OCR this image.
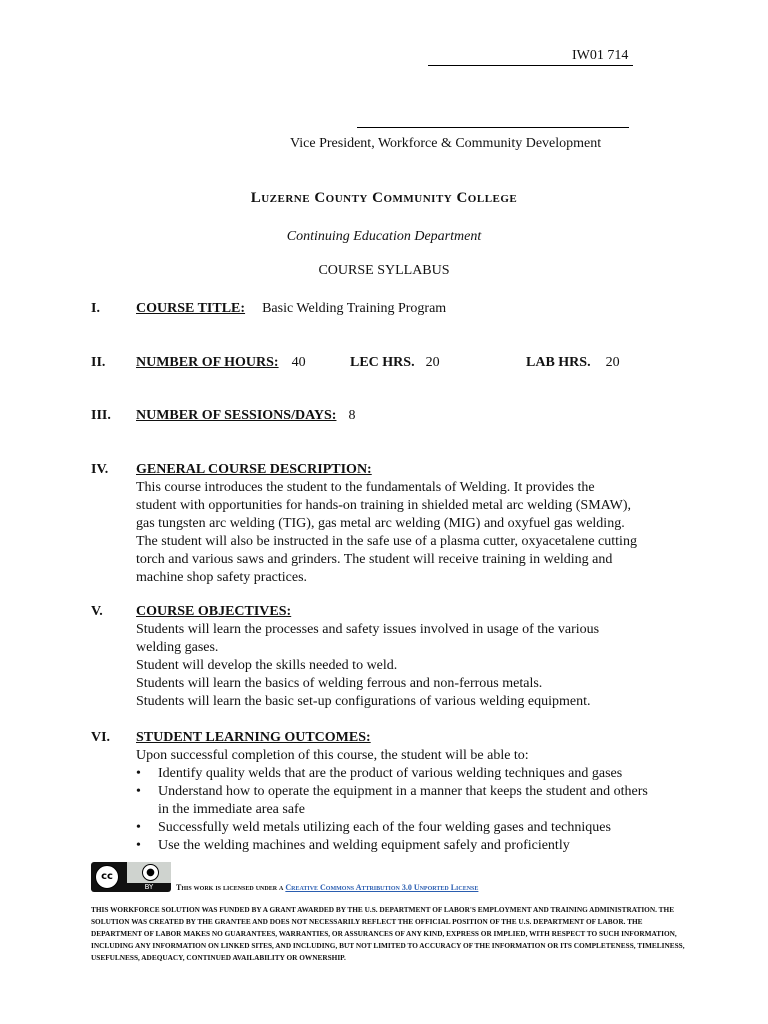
IW01 714
Vice President, Workforce & Community Development
Luzerne County Community College
Continuing Education Department
COURSE SYLLABUS
I.	COURSE TITLE: Basic Welding Training Program
II. NUMBER OF HOURS: 40	LEC HRS. 20	LAB HRS. 20
III. NUMBER OF SESSIONS/DAYS: 8
IV. GENERAL COURSE DESCRIPTION:

This course introduces the student to the fundamentals of Welding. It provides the

student with opportunities for hands-on training in shielded metal arc welding (SMAW),

gas tungsten arc welding (TIG), gas metal arc welding (MIG) and oxyfuel gas welding.

The student will also be instructed in the safe use of a plasma cutter, oxyacetalene cutting

torch and various saws and grinders. The student will receive training in welding and

machine shop safety practices.

V. COURSE OBJECTIVES:

Students will learn the processes and safety issues involved in usage of the various

welding gases.

Student will develop the skills needed to weld.

Students will learn the basics of welding ferrous and non-ferrous metals.

Students will learn the basic set-up configurations of various welding equipment.

VI. STUDENT LEARNING OUTCOMES:

Upon successful completion of this course, the student will be able to:

• Identify quality welds that are the product of various welding techniques and gases
• Understand how to operate the equipment in a manner that keeps the student and others in the immediate area safe
• Successfully weld metals utilizing each of the four welding gases and techniques
• Use the welding machines and welding equipment safely and proficiently
cc	●
BY	This work is licensed under a Creative Commons Attribution 3.0 Unported License
THIS WORKFORCE SOLUTION WAS FUNDED BY A GRANT AWARDED BY THE U.S. DEPARTMENT OF LABOR'S EMPLOYMENT AND TRAINING ADMINISTRATION. THE SOLUTION WAS CREATED BY THE GRANTEE AND DOES NOT NECESSARILY REFLECT THE OFFICIAL POSITION OF THE U.S. DEPARTMENT OF LABOR. THE DEPARTMENT OF LABOR MAKES NO GUARANTEES, WARRANTIES, OR ASSURANCES OF ANY KIND, EXPRESS OR IMPLIED, WITH RESPECT TO SUCH INFORMATION, INCLUDING ANY INFORMATION ON LINKED SITES, AND INCLUDING, BUT NOT LIMITED TO ACCURACY OF THE INFORMATION OR ITS COMPLETENESS, TIMELINESS, USEFULNESS, ADEQUACY, CONTINUED AVAILABILITY OR OWNERSHIP.
